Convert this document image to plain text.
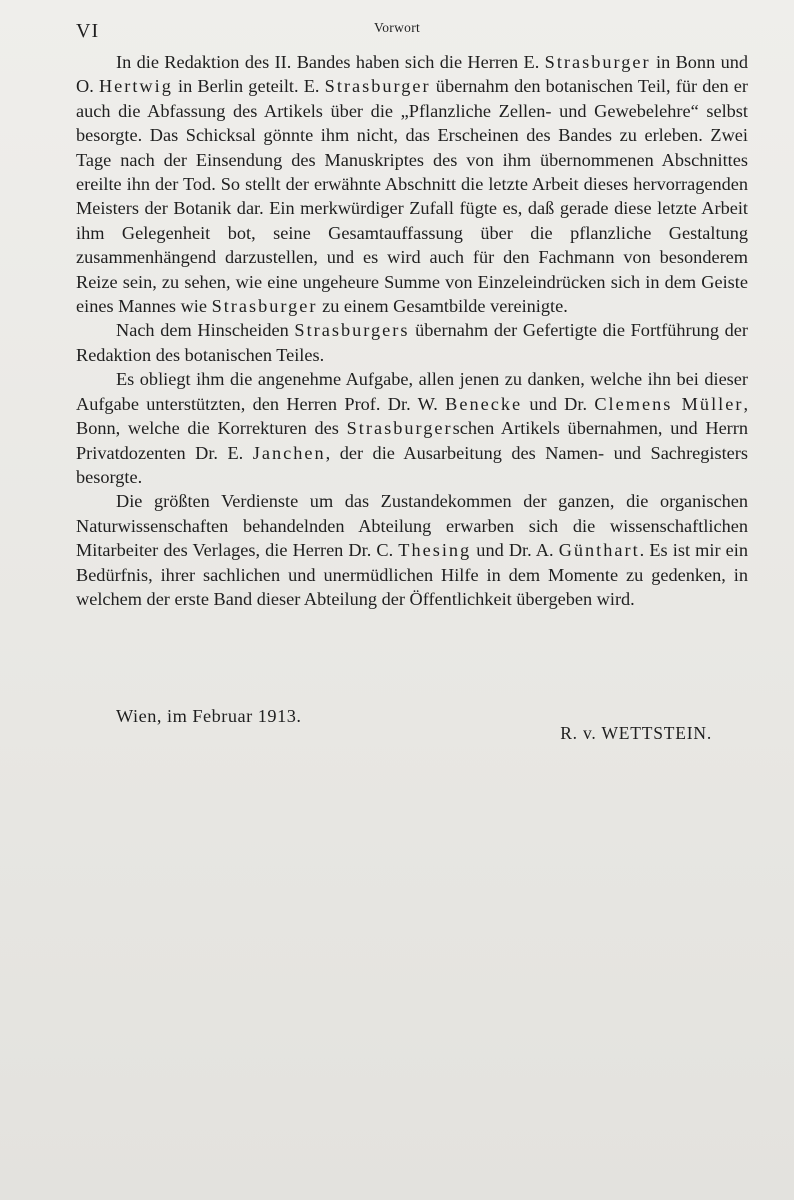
VI	Vorwort

In die Redaktion des II. Bandes haben sich die Herren E. Strasburger in Bonn und O. Hertwig in Berlin geteilt. E. Strasburger übernahm den botanischen Teil, für den er auch die Abfassung des Artikels über die „Pflanzliche Zellen- und Gewebelehre“ selbst besorgte. Das Schicksal gönnte ihm nicht, das Erscheinen des Bandes zu erleben. Zwei Tage nach der Einsendung des Manuskriptes des von ihm übernommenen Abschnittes ereilte ihn der Tod. So stellt der erwähnte Abschnitt die letzte Arbeit dieses hervorragenden Meisters der Botanik dar. Ein merkwürdiger Zufall fügte es, daß gerade diese letzte Arbeit ihm Gelegenheit bot, seine Gesamtauffassung über die pflanzliche Gestaltung zusammenhängend darzustellen, und es wird auch für den Fachmann von besonderem Reize sein, zu sehen, wie eine ungeheure Summe von Einzeleindrücken sich in dem Geiste eines Mannes wie Strasburger zu einem Gesamtbilde vereinigte.

Nach dem Hinscheiden Strasburgers übernahm der Gefertigte die Fortführung der Redaktion des botanischen Teiles.

Es obliegt ihm die angenehme Aufgabe, allen jenen zu danken, welche ihn bei dieser Aufgabe unterstützten, den Herren Prof. Dr. W. Benecke und Dr. Clemens Müller, Bonn, welche die Korrekturen des Strasburgerschen Artikels übernahmen, und Herrn Privatdozenten Dr. E. Janchen, der die Ausarbeitung des Namen- und Sachregisters besorgte.

Die größten Verdienste um das Zustandekommen der ganzen, die organischen Naturwissenschaften behandelnden Abteilung erwarben sich die wissenschaftlichen Mitarbeiter des Verlages, die Herren Dr. C. Thesing und Dr. A. Günthart. Es ist mir ein Bedürfnis, ihrer sachlichen und unermüdlichen Hilfe in dem Momente zu gedenken, in welchem der erste Band dieser Abteilung der Öffentlichkeit übergeben wird.

Wien, im Februar 1913.
R. v. WETTSTEIN.
